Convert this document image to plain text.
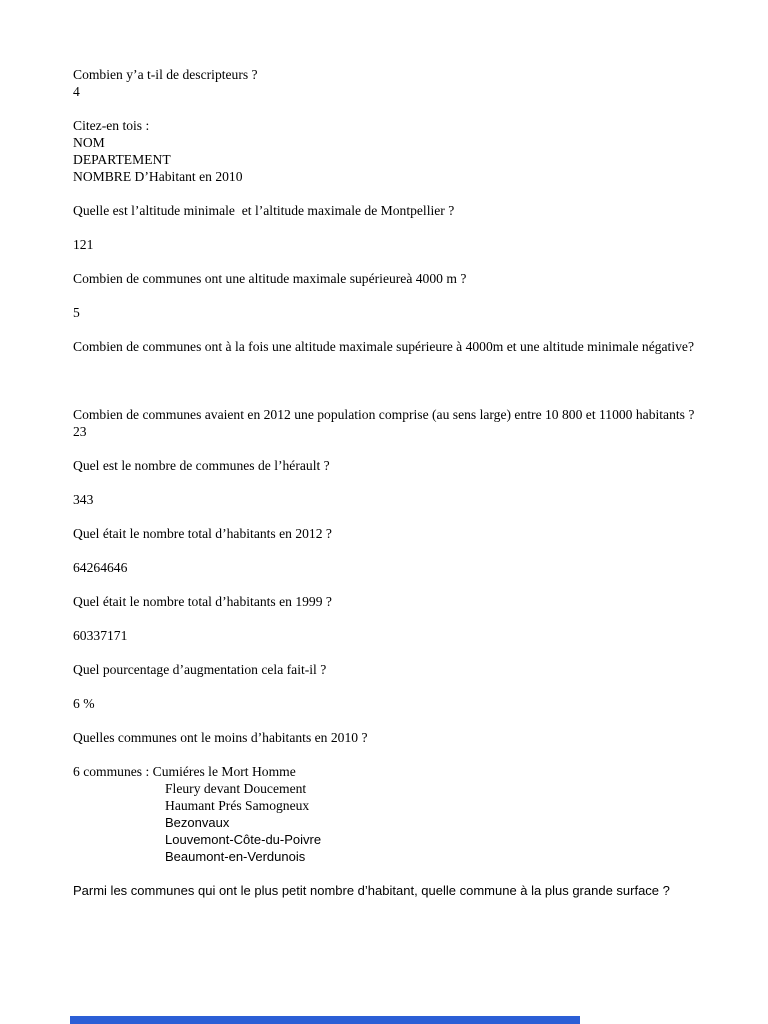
Combien y’a t-il de descripteurs ?

4

Citez-en tois :

NOM

DEPARTEMENT

NOMBRE D’Habitant en 2010

Quelle est l’altitude minimale  et l’altitude maximale de Montpellier ?

121

Combien de communes ont une altitude maximale supérieureà 4000 m ?

5

Combien de communes ont à la fois une altitude maximale supérieure à 4000m et une altitude minimale négative?

Combien de communes avaient en 2012 une population comprise (au sens large) entre 10 800 et 11000 habitants ?

23

Quel est le nombre de communes de l’hérault ?

343

Quel était le nombre total d’habitants en 2012 ?

64264646

Quel était le nombre total d’habitants en 1999 ?

60337171

Quel pourcentage d’augmentation cela fait-il ?

6 %

Quelles communes ont le moins d’habitants en 2010 ?

6 communes : Cumiéres le Mort Homme

Fleury devant Doucement

Haumant Prés Samogneux

Bezonvaux

Louvemont-Côte-du-Poivre

Beaumont-en-Verdunois

Parmi les communes qui ont le plus petit nombre d’habitant, quelle commune à la plus grande surface ?
